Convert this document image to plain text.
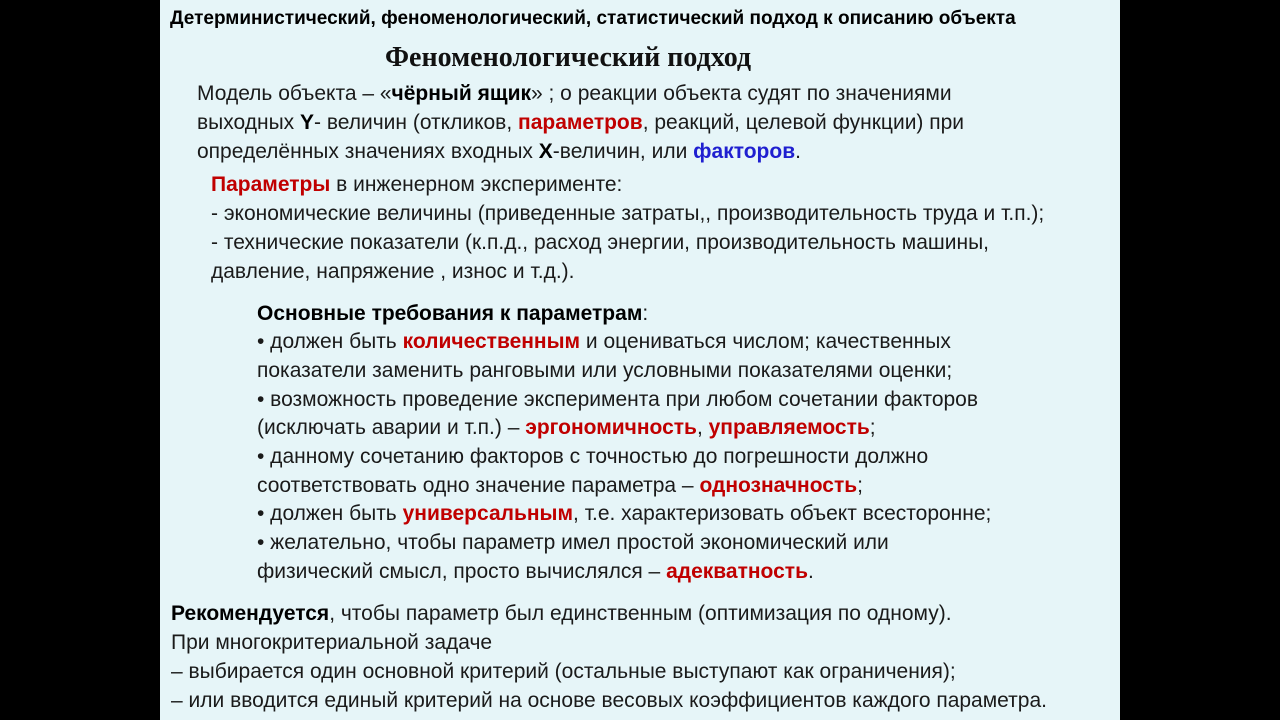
Детерминистический, феноменологический, статистический подход к описанию объекта
Феноменологический подход
Модель объекта – «чёрный ящик» ; о реакции объекта судят по значениями
выходных Y- величин (откликов, параметров, реакций, целевой функции) при
определённых значениях входных Х-величин, или факторов.
Параметры в инженерном эксперименте:
- экономические величины (приведенные затраты,, производительность труда и т.п.);
- технические показатели (к.п.д., расход энергии, производительность машины,
давление, напряжение , износ и т.д.).
Основные требования к параметрам:
• должен быть количественным и оцениваться числом; качественных
показатели заменить ранговыми или условными показателями оценки;
• возможность проведение эксперимента при любом сочетании факторов
(исключать аварии и т.п.) – эргономичность, управляемость;
• данному сочетанию факторов с точностью до погрешности должно
соответствовать одно значение параметра – однозначность;
• должен быть универсальным, т.е. характеризовать объект всесторонне;
• желательно, чтобы параметр имел простой экономический или
физический смысл, просто вычислялся – адекватность.
Рекомендуется, чтобы параметр был единственным (оптимизация по одному).
При многокритериальной задаче
– выбирается один основной критерий (остальные выступают как ограничения);
– или вводится единый критерий на основе весовых коэффициентов каждого параметра.
